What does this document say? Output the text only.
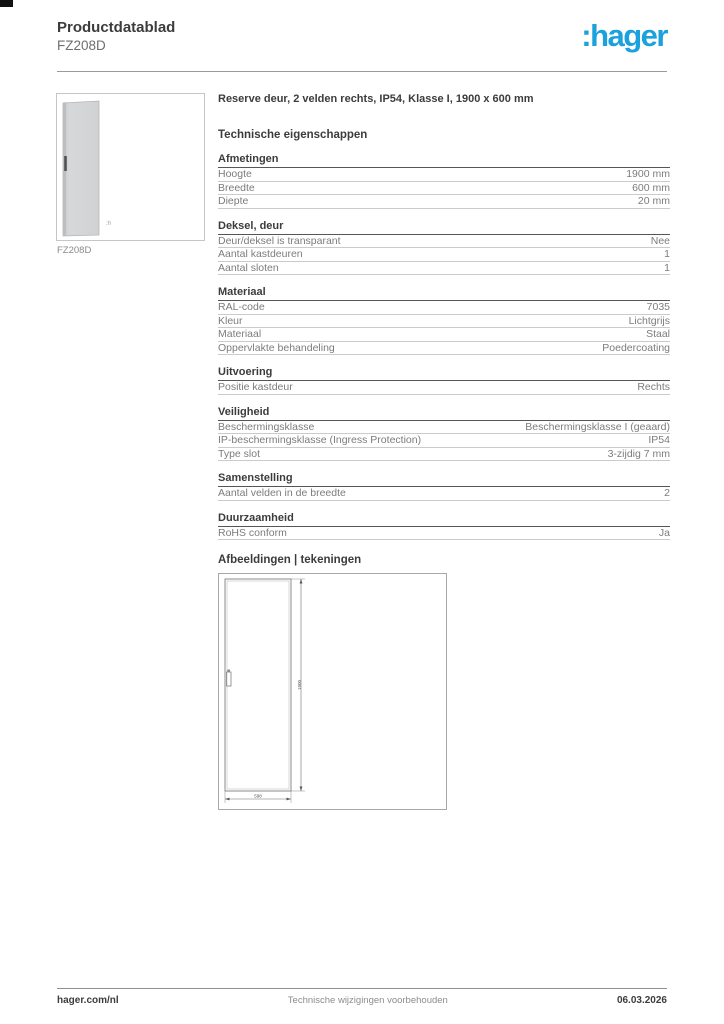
Productdatablad
FZ208D	:hager
:h
FZ208D
Reserve deur, 2 velden rechts, IP54, Klasse I, 1900 x 600 mm
Technische eigenschappen
Afmetingen
Hoogte	1900 mm
Breedte	600 mm
Diepte	20 mm
Deksel, deur
Deur/deksel is transparant	Nee
Aantal kastdeuren	1
Aantal sloten	1
Materiaal
RAL-code	7035
Kleur	Lichtgrijs
Materiaal	Staal
Oppervlakte behandeling	Poedercoating
Uitvoering
Positie kastdeur	Rechts
Veiligheid
Beschermingsklasse	Beschermingsklasse I (geaard)
IP-beschermingsklasse (Ingress Protection)	IP54
Type slot	3-zijdig 7 mm
Samenstelling
Aantal velden in de breedte	2
Duurzaamheid
RoHS conform	Ja
Afbeeldingen | tekeningen
1900
598
hager.com/nl	Technische wijzigingen voorbehouden	06.03.2026
